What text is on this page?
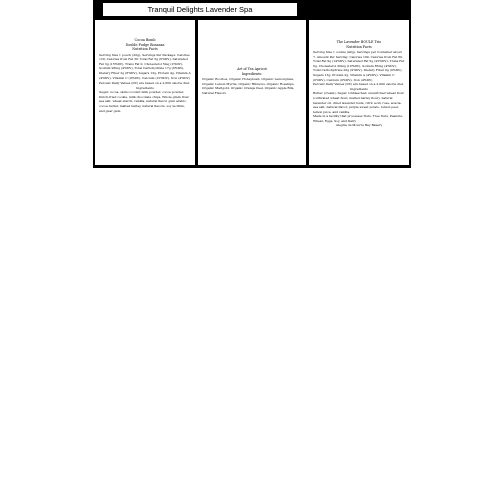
Tranquil Delights Lavender Spa
Cocoa Bomb
Double Fudge Bonanza
Nutrition Facts
Serving Size 1 pouch (20g), Servings Per Package: Calories 120, Calories from Fat 30: Total Fat 5g (6%DV), Saturated Fat 3g (15%DV), Trans Fat 0, Cholesterol 5mg (2%DV), Sodium 95mg (4%DV), Total Carbohydrate 17g (6%DV), Dietary Fiber 2g (8%DV), Sugars 13g, Protein 4g, Vitamin A (4%DV), Vitamin C (0%DV), Calcium (10%DV), Iron (4%DV)
Percent Daily Values (DV) are based on a 2,000 calorie diet.
Ingredients
Sugar, cocoa, skim coconut milk powder, cocoa powder, Dutch-fried cookie, milk chocolate chips, Whole-grain flour, sea salt, wheat starch, vanilla, natural flavor, gum arabic, cocoa butter, malted barley, natural flavors, soy lecithin, and guar gum.
Art of Tea Apricot
Ingredients:
Organic Rooibos, Organic Honeybush, Organic Lemongrass, Organic Lemon Myrtle, Organic Hibiscus, Organic Rosehips, Organic Marigold, Organic Orange Peel, Organic Apple Bits, Natural Flavors
The Lavender BOULE Trio
Nutrition Facts
Serving Size 1 cookie (40g), Servings per Container about 7, Amount Per Serving: Calories 190, Calories from Fat 80, Total Fat 9g (14%DV), Saturated Fat 5g (25%DV), Trans Fat 0g, Cholesterol 30mg (10%DV), Sodium 85mg (4%DV), Total Carbohydrate 26g (9%DV), Dietary Fiber 0g (0%DV), Sugars 13g, Protein 2g, Vitamin A (4%DV), Vitamin C (0%DV), Calcium (0%DV), Iron (4%DV)
Percent Daily Values (DV) are based on a 2,000 calorie diet.
Ingredients
Butter (cream), Sugar, Unbleached, unenriched wheat flour (cultivated wheat flour, malted barley flour), natural lavender oil, dried lavender buds, citric acid, rose, acacia, sea salt, natural flavor, purple sweet potato, lemon peel, lemon juice, and vanilla.
Made in a facility that processes Nuts, Tree Nuts, Peanuts, Wheat, Eggs, Soy, and Dairy
Alegria de Mourre Bay Bakery
